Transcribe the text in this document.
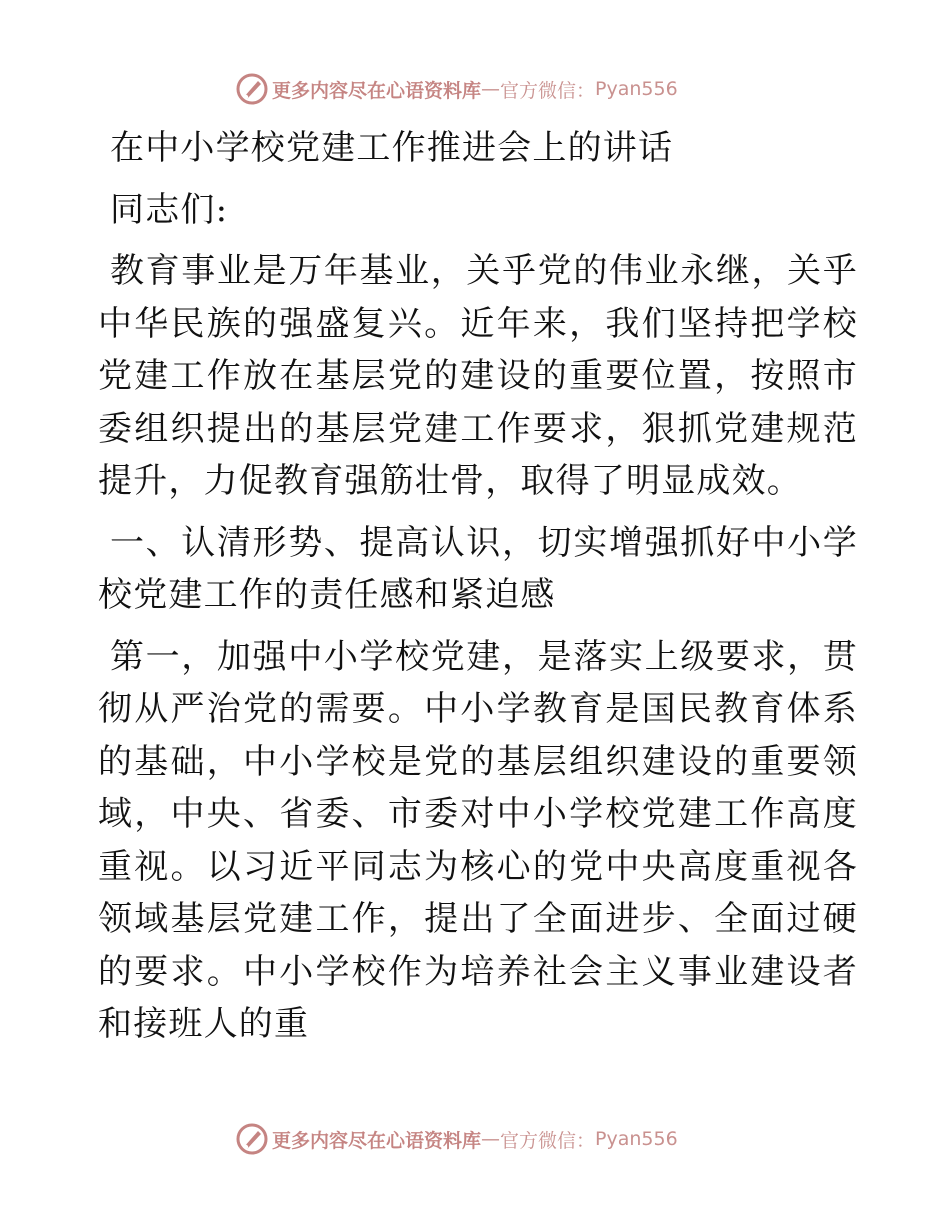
更多内容尽在心语资料库 — 官方微信： Pyan556

在中小学校党建工作推进会上的讲话

同志们:

教育事业是万年基业，关乎党的伟业永继，关乎中华民族的强盛复兴。近年来，我们坚持把学校党建工作放在基层党的建设的重要位置，按照市委组织提出的基层党建工作要求，狠抓党建规范提升，力促教育强筋壮骨，取得了明显成效。

一、认清形势、提高认识，切实增强抓好中小学校党建工作的责任感和紧迫感

第一，加强中小学校党建，是落实上级要求，贯彻从严治党的需要。中小学教育是国民教育体系的基础，中小学校是党的基层组织建设的重要领域，中央、省委、市委对中小学校党建工作高度重视。以习近平同志为核心的党中央高度重视各领域基层党建工作，提出了全面进步、全面过硬的要求。中小学校作为培养社会主义事业建设者和接班人的重

更多内容尽在心语资料库 — 官方微信： Pyan556
